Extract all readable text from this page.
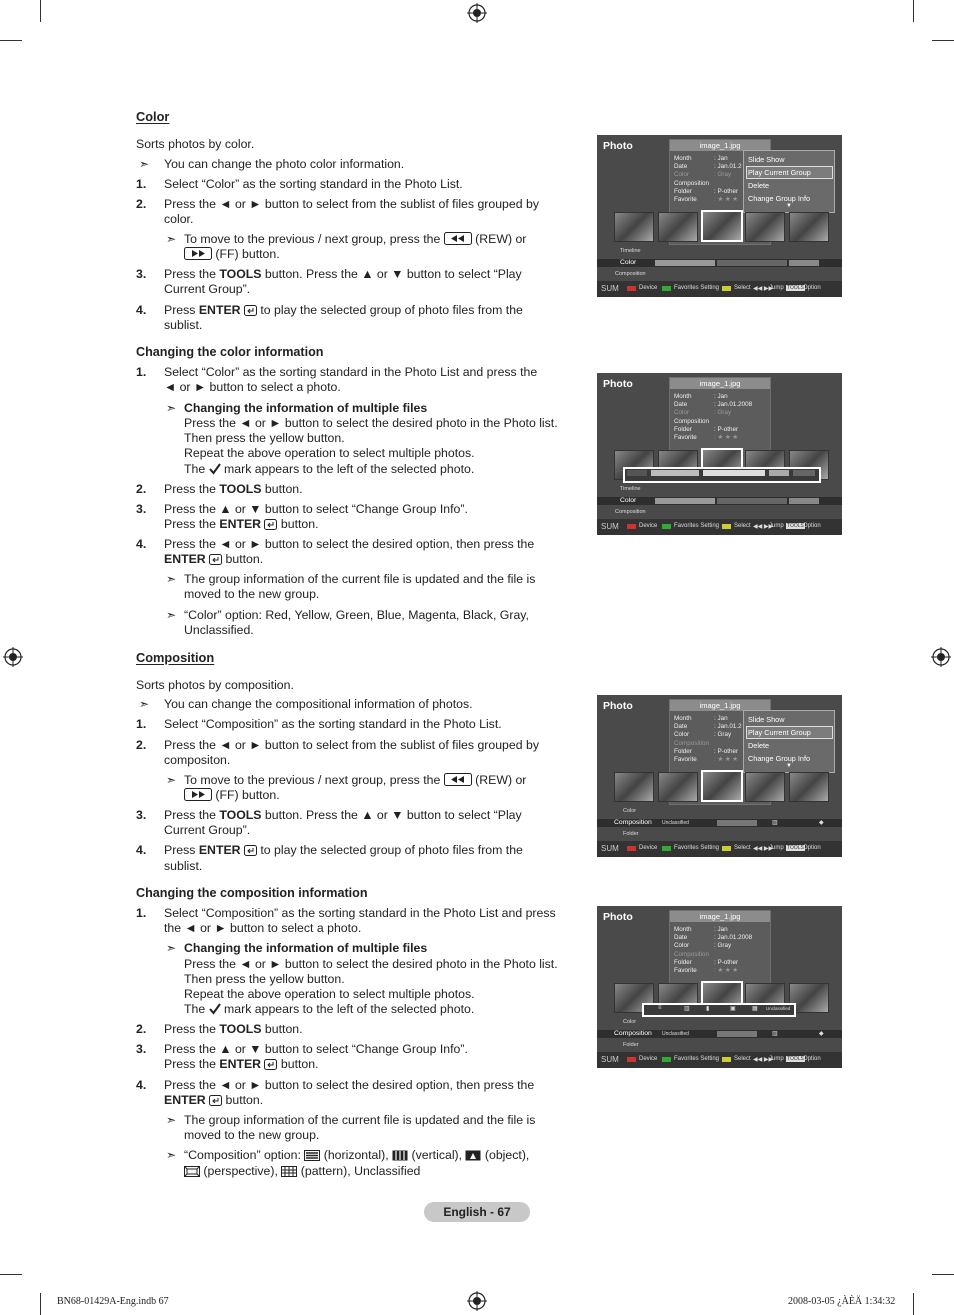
Color
Sorts photos by color.
➣ You can change the photo color information.
1. Select “Color” as the sorting standard in the Photo List.
2. Press the ◄ or ► button to select from the sublist of files grouped by
color.
➣ To move to the previous / next group, press the	(REW) or
(FF) button.
3. Press the TOOLS button. Press the ▲ or ▼ button to select “Play
Current Group”.
4. Press ENTER  to play the selected group of photo files from the
sublist.
Changing the color information
1. Select “Color” as the sorting standard in the Photo List and press the
◄ or ► button to select a photo.
➣ Changing the information of multiple files
Press the ◄ or ► button to select the desired photo in the Photo list.
Then press the yellow button.
Repeat the above operation to select multiple photos.
The mark appears to the left of the selected photo.
2. Press the TOOLS button.
3. Press the ▲ or ▼ button to select “Change Group Info”.
Press the ENTER  button.
4. Press the ◄ or ► button to select the desired option, then press the
ENTER  button.
➣ The group information of the current file is updated and the file is
moved to the new group.
➣ “Color” option: Red, Yellow, Green, Blue, Magenta, Black, Gray,
Unclassified.
Composition
Sorts photos by composition.
➣ You can change the compositional information of photos.
1. Select “Composition” as the sorting standard in the Photo List.
2. Press the ◄ or ► button to select from the sublist of files grouped by
compositon.
➣ To move to the previous / next group, press the	(REW) or
(FF) button.
3. Press the TOOLS button. Press the ▲ or ▼ button to select “Play
Current Group”.
4. Press ENTER  to play the selected group of photo files from the
sublist.
Changing the composition information
1. Select “Composition” as the sorting standard in the Photo List and press
the ◄ or ► button to select a photo.
➣ Changing the information of multiple files
Press the ◄ or ► button to select the desired photo in the Photo list.
Then press the yellow button.
Repeat the above operation to select multiple photos.
The mark appears to the left of the selected photo.
2. Press the TOOLS button.
3. Press the ▲ or ▼ button to select “Change Group Info”.
Press the ENTER  button.
4. Press the ◄ or ► button to select the desired option, then press the
ENTER  button.
➣ The group information of the current file is updated and the file is
moved to the new group.
➣ “Composition” option: (horizontal), (vertical), (object),
(perspective), (pattern), Unclassified
Photo	image_1.jpg
Month	: Jan
Date	: Jan.01.2
Color	: Gray
Composition
Folder	: P-other
Favorite	: ★ ★ ★
Slide Show
Play Current Group
Delete
Change Group Info
▼
Timeline
Color
Composition
SUM	Device	Favorites Setting Select ◀◀ ▶▶
Jump TOOLS Option
Photo	image_1.jpg
Month	: Jan
Date	: Jan.01.2008
Color	: Gray
Composition
Folder	: P-other
Favorite	: ★ ★ ★
Timeline
Color
Composition
SUM	Device	Favorites Setting Select ◀◀ ▶▶
Jump TOOLS Option
Photo	image_1.jpg
Month	: Jan
Date	: Jan.01.2
Color	: Gray
Composition
Folder	: P-other
Favorite	: ★ ★ ★
Slide Show
Play Current Group
Delete
Change Group Info
▼
Color
Unclassified	▥	◆
Composition
Folder
SUM	Device	Favorites Setting Select ◀◀ ▶▶
Jump TOOLS Option
Photo	image_1.jpg
Month	: Jan
Date	: Jan.01.2008
Color	: Gray
Composition
Folder	: P-other
Favorite	: ★ ★ ★
≡	▥	▮	▣	▦ Unclassified
Color
Unclassified	▥	◆
Composition
Folder
SUM	Device	Favorites Setting Select ◀◀ ▶▶
Jump TOOLS Option
English - 67
BN68-01429A-Eng.indb 67	2008-03-05 ¿ÀÈÄ 1:34:32
